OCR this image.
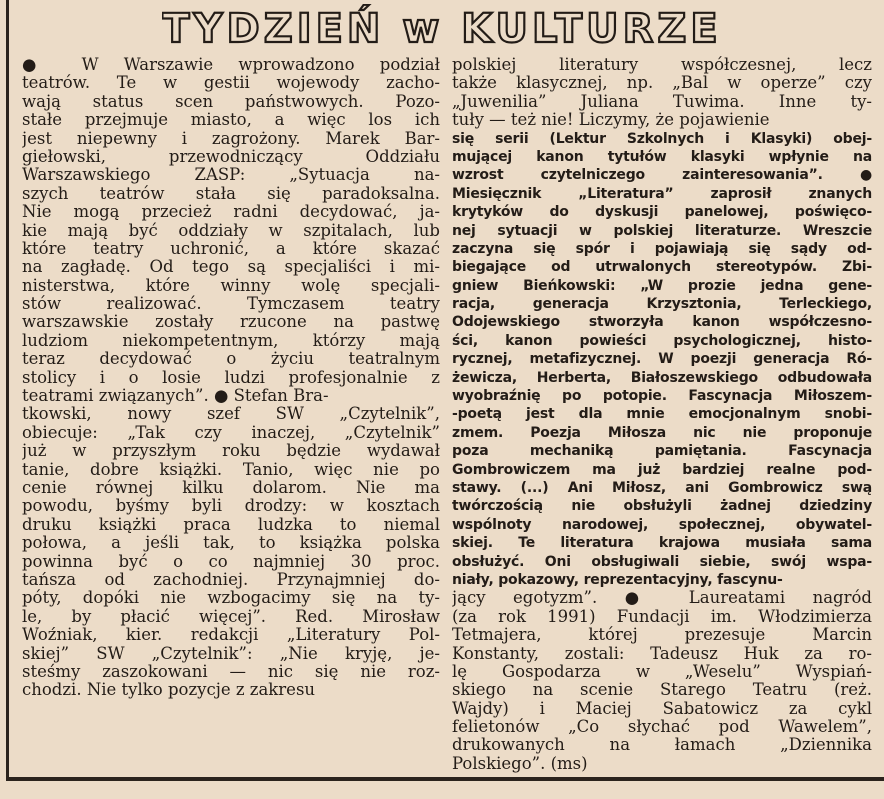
TYDZIEŃ w KULTURZE
● W Warszawie wprowadzono podział
teatrów. Te w gestii wojewody zacho-
wają status scen państwowych. Pozo-
stałe przejmuje miasto, a więc los ich
jest niepewny i zagrożony. Marek Bar-
giełowski, przewodniczący Oddziału
Warszawskiego ZASP: „Sytuacja na-
szych teatrów stała się paradoksalna.
Nie mogą przecież radni decydować, ja-
kie mają być oddziały w szpitalach, lub
które teatry uchronić, a które skazać
na zagładę. Od tego są specjaliści i mi-
nisterstwa, które winny wolę specjali-
stów realizować. Tymczasem teatry
warszawskie zostały rzucone na pastwę
ludziom niekompetentnym, którzy mają
teraz decydować o życiu teatralnym
stolicy i o losie ludzi profesjonalnie z
teatrami związanych”. ● Stefan Bra-
tkowski, nowy szef SW „Czytelnik”,
obiecuje: „Tak czy inaczej, „Czytelnik”
już w przyszłym roku będzie wydawał
tanie, dobre książki. Tanio, więc nie po
cenie równej kilku dolarom. Nie ma
powodu, byśmy byli drodzy: w kosztach
druku książki praca ludzka to niemal
połowa, a jeśli tak, to książka polska
powinna być o co najmniej 30 proc.
tańsza od zachodniej. Przynajmniej do-
póty, dopóki nie wzbogacimy się na ty-
le, by płacić więcej”. Red. Mirosław
Woźniak, kier. redakcji „Literatury Pol-
skiej” SW „Czytelnik”: „Nie kryję, je-
steśmy zaszokowani — nic się nie roz-
chodzi. Nie tylko pozycje z zakresu
polskiej literatury współczesnej, lecz
także klasycznej, np. „Bal w operze” czy
„Juwenilia” Juliana Tuwima. Inne ty-
tuły — też nie! Liczymy, że pojawienie
się serii (Lektur Szkolnych i Klasyki) obej-
mującej kanon tytułów klasyki wpłynie na
wzrost czytelniczego zainteresowania”. ●
Miesięcznik „Literatura” zaprosił znanych
krytyków do dyskusji panelowej, poświęco-
nej sytuacji w polskiej literaturze. Wreszcie
zaczyna się spór i pojawiają się sądy od-
biegające od utrwalonych stereotypów. Zbi-
gniew Bieńkowski: „W prozie jedna gene-
racja, generacja Krzysztonia, Terleckiego,
Odojewskiego stworzyła kanon współczesno-
ści, kanon powieści psychologicznej, histo-
rycznej, metafizycznej. W poezji generacja Ró-
żewicza, Herberta, Białoszewskiego odbudowała
wyobraźnię po potopie. Fascynacja Miłoszem-
-poetą jest dla mnie emocjonalnym snobi-
zmem. Poezja Miłosza nic nie proponuje
poza mechaniką pamiętania. Fascynacja
Gombrowiczem ma już bardziej realne pod-
stawy. (...) Ani Miłosz, ani Gombrowicz swą
twórczością nie obsłużyli żadnej dziedziny
wspólnoty narodowej, społecznej, obywatel-
skiej. Te literatura krajowa musiała sama
obsłużyć. Oni obsługiwali siebie, swój wspa-
niały, pokazowy, reprezentacyjny, fascynu-
jący egotyzm”. ● Laureatami nagród
(za rok 1991) Fundacji im. Włodzimierza
Tetmajera, której prezesuje Marcin
Konstanty, zostali: Tadeusz Huk za ro-
lę Gospodarza w „Weselu” Wyspiań-
skiego na scenie Starego Teatru (reż.
Wajdy) i Maciej Sabatowicz za cykl
felietonów „Co słychać pod Wawelem”,
drukowanych na łamach „Dziennika
Polskiego”. (ms)
